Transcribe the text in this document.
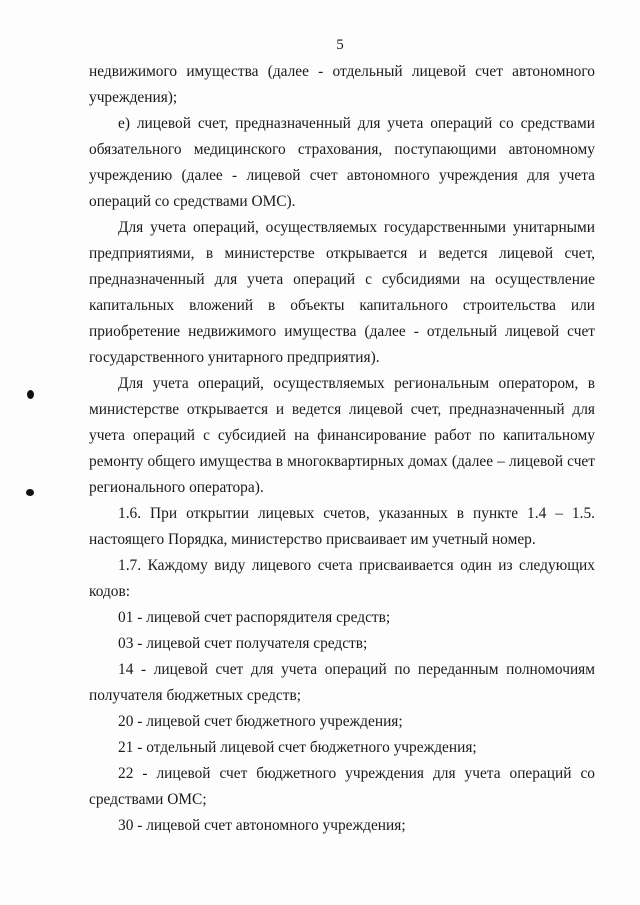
5
недвижимого имущества (далее - отдельный лицевой счет автономного
учреждения);
е) лицевой счет, предназначенный для учета операций со средствами
обязательного медицинского страхования, поступающими автономному
учреждению (далее - лицевой счет автономного учреждения для учета
операций со средствами ОМС).
Для учета операций, осуществляемых государственными унитарными
предприятиями, в министерстве открывается и ведется лицевой счет,
предназначенный для учета операций с субсидиями на осуществление
капитальных вложений в объекты капитального строительства или
приобретение недвижимого имущества (далее - отдельный лицевой счет
государственного унитарного предприятия).
Для учета операций, осуществляемых региональным оператором, в
министерстве открывается и ведется лицевой счет, предназначенный для
учета операций с субсидией на финансирование работ по капитальному
ремонту общего имущества в многоквартирных домах (далее – лицевой счет
регионального оператора).
1.6. При открытии лицевых счетов, указанных в пункте 1.4 – 1.5.
настоящего Порядка, министерство присваивает им учетный номер.
1.7. Каждому виду лицевого счета присваивается один из следующих
кодов:
01 - лицевой счет распорядителя средств;
03 - лицевой счет получателя средств;
14 - лицевой счет для учета операций по переданным полномочиям
получателя бюджетных средств;
20 - лицевой счет бюджетного учреждения;
21 - отдельный лицевой счет бюджетного учреждения;
22 - лицевой счет бюджетного учреждения для учета операций со
средствами ОМС;
30 - лицевой счет автономного учреждения;
